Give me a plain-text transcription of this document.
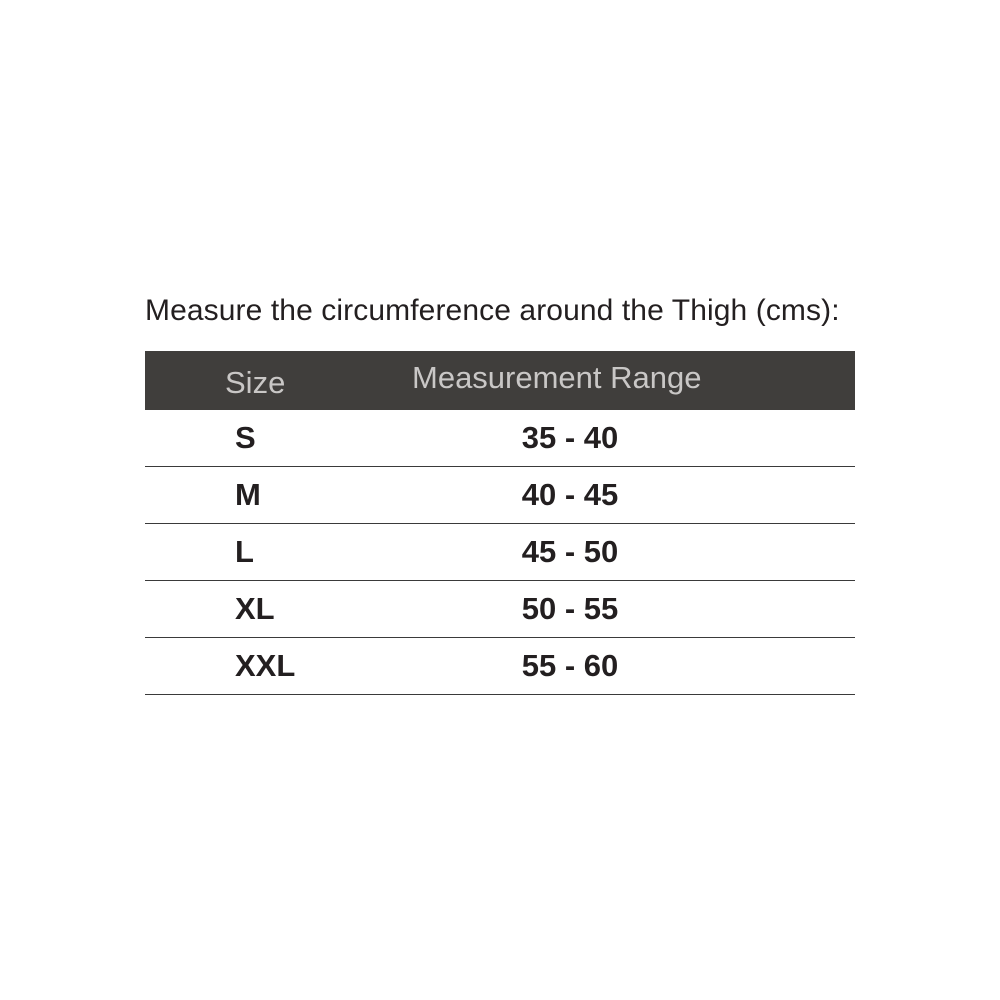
Measure the circumference around the Thigh (cms):
Size	Measurement Range
S	35 - 40
M	40 - 45
L	45 - 50
XL	50 - 55
XXL	55 - 60
